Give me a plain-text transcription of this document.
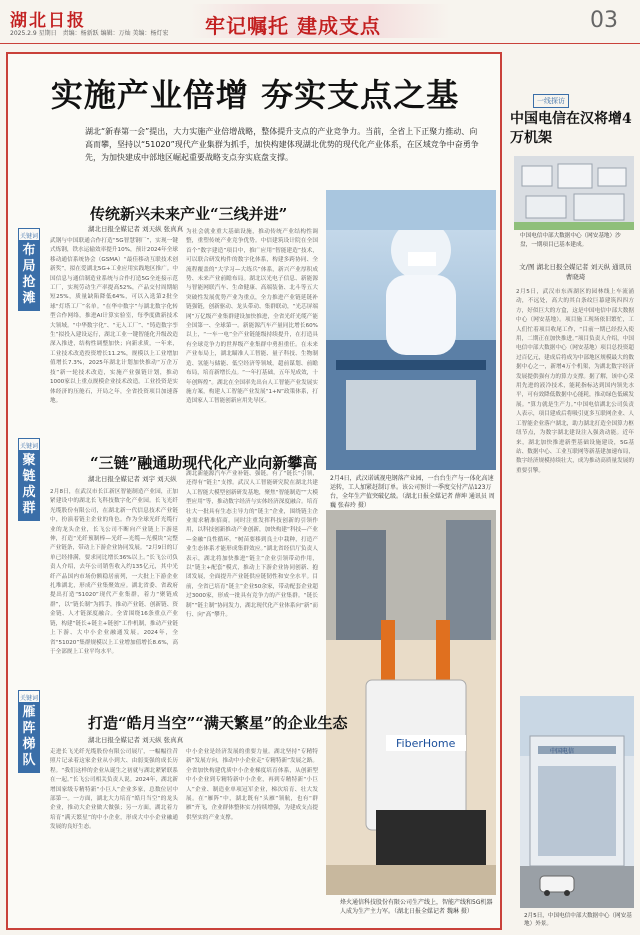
湖北日报
2025.2.9 星期日　 责编：杨新跃 编辑：万灿 美编：杨灯宏 牢记嘱托 建成支点	03
实施产业倍增 夯实支点之基
湖北“新春第一会”提出，大力实施产业倍增战略，整体提升支点的产业竞争力。当前，全省上下正聚力推动、向高而攀，坚持以“51020”现代产业集群为抓手，加快构建体现湖北优势的现代化产业体系，在区域竞争中奋勇争先，为加快建成中部地区崛起重要战略支点夯实底盘支撑。
关键词
布局抢滩
传统新兴未来产业“三线并进”
湖北日报全媒记者 刘天纵 张真真
武钢与中国联通合作打造“5G智慧钢厂”，实现一键式炼钢，铁水运输效率提升10%，预计2024年全球移动通信系统协会（GSMA）“最佳移动互联技术创新奖”，拟在爱湖北5G+工业应用实践地区推广。中国信息与通信制造业系统与合作打造5G全连接示范工厂，实现劳动生产率提高52%，产品交付周期缩短25%，质量缺陷降低64%，可以入选第2批全球“灯塔工厂”名单。“在华中数字”与湖北数字化转型合作网络，推进AI计算实验室，每季度做新技术大领域。“中华数字化”、“无人工厂”、“铸造数字孪生”拟投入建设运行，湖北工业一键智能化升级改造深入推进，结构性调整加快；向新求质，一年来，工业技术改造投资增长11.2%，规模以上工业增加值增长7.3%，2025年湖北计划加快推动“万企万技”新一轮技术改造，实施产业强链计划，推动1000家以上重点规模企业技术改造。工业投资是实体经济的压舱石，开局之年，全省投资项目加速落地。
为社会就业重大基础设施，推动传统产业结构性调整，重塑传统产业竞争优势。中信建筑设计院在全国首个“数字建造”项目中，推广应用“智能建造”技术，可以联合研发构件的数字化体系，构建多跨协同、全流程覆盖的“大学习—大练兵”体系，新兴产业厚积成势、未来产业前瞻布局。湖北以光电子信息、新能源与智能网联汽车、生命健康、高端装备、北斗等五大突破性发展优势产业为重点，全力推进产业链延链补链强链，创新驱动、龙头带动、集群联动，“光芯屏端网”万亿级产业集群建设加快推进，全省光纤光缆产能全国第一、全球第一。新能源汽车产量同比增长60%以上，“一车一电”全产业链能级持续提升，在打造具有全球竞争力的世界级产业集群中勇担重任。在未来产业布局上，湖北瞄准人工智能、量子科技、生物制造、氢能与储能、低空经济等领域，超前谋划、前瞻布局，培育新增长点。“一年打基础，五年见成效，十年创辉煌”。湖北在全国率先出台人工智能产业发展实施方案，构建人工智能产业发展“1+N”政策体系，打造国家人工智能创新应用先导区。
2月4日，武汉诺诚视电钢落产业园，一台台生产与一体化高速运转，工人加紧赶制订单。该公司预计一季度交付产品123万台，全年生产值突破亿级。（湖北日报全媒记者 薛坤 通讯员 周巍 张春玲 摄）
关键词
聚链成群
“三链”融通助现代化产业向新攀高
湖北日报全媒记者 刘宇 刘天纵
2月8日，在武汉市长江新区智能制造产业园，正加紧建设中的湖北长飞科技数字化产业园。长飞光纤光缆股份有限公司，在湖北新一代信息技术产业链中，扮演着链主企业的角色。作为全球光纤光缆行业的龙头企业，长飞公司不断向产业链上下游延伸，打造“光纤预制棒—光纤—光缆—光模块”完整产业链条，带动上下游企业协同发展。“2月9日的订单已经排满，要求同比增长36%以上。”长飞公司负责人介绍，去年公司销售收入约135亿元，其中光纤产品国内市场份额稳居前列，一大批上下游企业扎堆湖北，形成产业集聚效应。湖北省委、省政府提出打造“51020”现代产业集群，着力“聚链成群”，以“链长制”为抓手，推动产业链、创新链、资金链、人才链深度融合。全省围绕16条重点产业链，构建“链长+链主+链创”工作机制，推动产业链上下游、大中小企业融通发展。2024年，全省“51020”集群规模以上工业增加值增长8.6%，高于全部规上工业平均水平。
湖北新能源汽车产业补链、强链。有了“链长”引领，还得有“链主”支撑。武汉人工智能研究院在湖北共建人工智能大模型创新研发基地，聚焦“智能制造”“大模型应用”等，推动数字经济与实体经济深度融合。培育壮大一批具有生态主导力的“链主”企业，围绕链主企业需求精准招商。同时注重发挥科技创新的引领作用，以科技创新推动产业创新，加快构建“科技—产业—金融”良性循环。“树苗要移到良土中栽种，打造产业生态体系才能形成集群效应。”湖北省经信厅负责人表示，湖北将加快推进“链主”企业引领带动作用，以“链主+配套”模式，推动上下游企业协同创新、抱团发展，全面提升产业链供应链韧性和安全水平。目前，全省已培育“链主”企业50余家，带动配套企业超过3000家，形成一批具有竞争力的产业集群。“链长制”“链主制”协同发力，湖北现代化产业体系向“新”而行、向“高”攀升。
FiberHome
烽火通信科技股份有限公司生产线上，智能产线和5G机器人成为生产主力军。（湖北日报全媒记者 魏琳 摄）
关键词
雁阵梯队
打造“皓月当空”“满天繁星”的企业生态
湖北日报全媒记者 刘天纵 张真真
走进长飞光纤光缆股份有限公司展厅，一幅幅往昔照片记录着这家企业从小到大、由弱变强的成长历程。“我们这样的企业从诞生之初就与湖北紧紧联系在一起。”长飞公司相关负责人说。2024年，湖北新增国家级专精特新“小巨人”企业多家，总数位居中部第一。一方面，湖北大力培育“皓月当空”的龙头企业，推动大企业做大做强；另一方面，湖北着力培育“满天繁星”的中小企业，形成大中小企业融通发展的良好生态。
中小企业是经济发展的重要力量。湖北坚持“专精特新”发展方向，推动中小企业走“专精特新”发展之路。全省加快构建优质中小企业梯度培育体系，从创新型中小企业到专精特新中小企业，再到专精特新“小巨人”企业、制造业单项冠军企业，梯次培育、壮大发展。在“雁阵”中，湖北既有“头雁”领航，也有“群雁”齐飞，企业群体整体实力持续增强，为建成支点提供坚实的产业支撑。
一线探访
中国电信在汉将增4万机架
中国电信中部大数据中心（网安基地）沙盘，一期项目已基本建成。
文/图 湖北日报全媒记者 刘天纵 通讯员 曹晓琦
2月5日，武汉市东西湖区的园林线上车流涌动，不远处，高大的其白条纹巨幕建筑四四方方，好似巨大的方盒，这是中国电信中部大数据中心（网安基地）。项目施工现场依旧繁忙，工人们忙着项目收尾工作，“目前一期已经投入使用，二期正在加快推进。”项目负责人介绍，中国电信中部大数据中心（网安基地）项目总投资超过百亿元，建成后将成为中部地区规模最大的数据中心之一，新增4万个机架，为湖北数字经济发展提供强有力的算力支撑。据了解，该中心采用先进的液冷技术，能耗指标达到国内领先水平，可有效降低数据中心能耗，推动绿色低碳发展。“算力就是生产力。”中国电信湖北公司负责人表示，项目建成后将吸引更多互联网企业、人工智能企业落户湖北，助力湖北打造全国算力枢纽节点，为数字湖北建设注入强劲动能。近年来，湖北加快推进新型基础设施建设，5G基站、数据中心、工业互联网等新基建加速布局，数字经济规模持续壮大，成为推动高质量发展的重要引擎。
中国电信
2月5日，中国电信中部大数据中心（网安基地）外景。
